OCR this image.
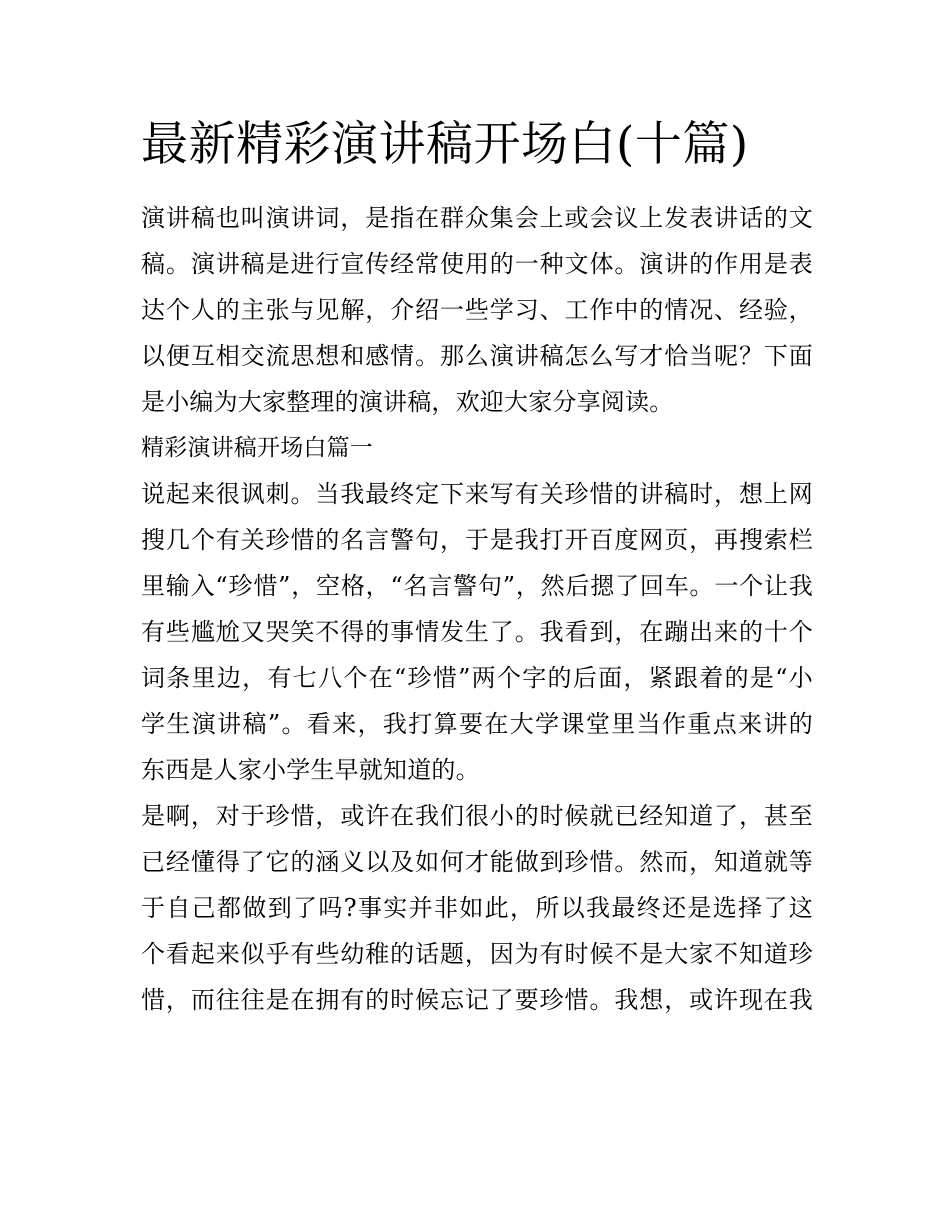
最新精彩演讲稿开场白(十篇)
演讲稿也叫演讲词，是指在群众集会上或会议上发表讲话的文
稿。演讲稿是进行宣传经常使用的一种文体。演讲的作用是表
达个人的主张与见解，介绍一些学习、工作中的情况、经验，
以便互相交流思想和感情。那么演讲稿怎么写才恰当呢？下面
是小编为大家整理的演讲稿，欢迎大家分享阅读。
精彩演讲稿开场白篇一
说起来很讽刺。当我最终定下来写有关珍惜的讲稿时，想上网
搜几个有关珍惜的名言警句，于是我打开百度网页，再搜索栏
里输入“珍惜”，空格，“名言警句”，然后摁了回车。一个让我
有些尴尬又哭笑不得的事情发生了。我看到，在蹦出来的十个
词条里边，有七八个在“珍惜”两个字的后面，紧跟着的是“小
学生演讲稿”。看来，我打算要在大学课堂里当作重点来讲的
东西是人家小学生早就知道的。
是啊，对于珍惜，或许在我们很小的时候就已经知道了，甚至
已经懂得了它的涵义以及如何才能做到珍惜。然而，知道就等
于自己都做到了吗?事实并非如此，所以我最终还是选择了这
个看起来似乎有些幼稚的话题，因为有时候不是大家不知道珍
惜，而往往是在拥有的时候忘记了要珍惜。我想，或许现在我
